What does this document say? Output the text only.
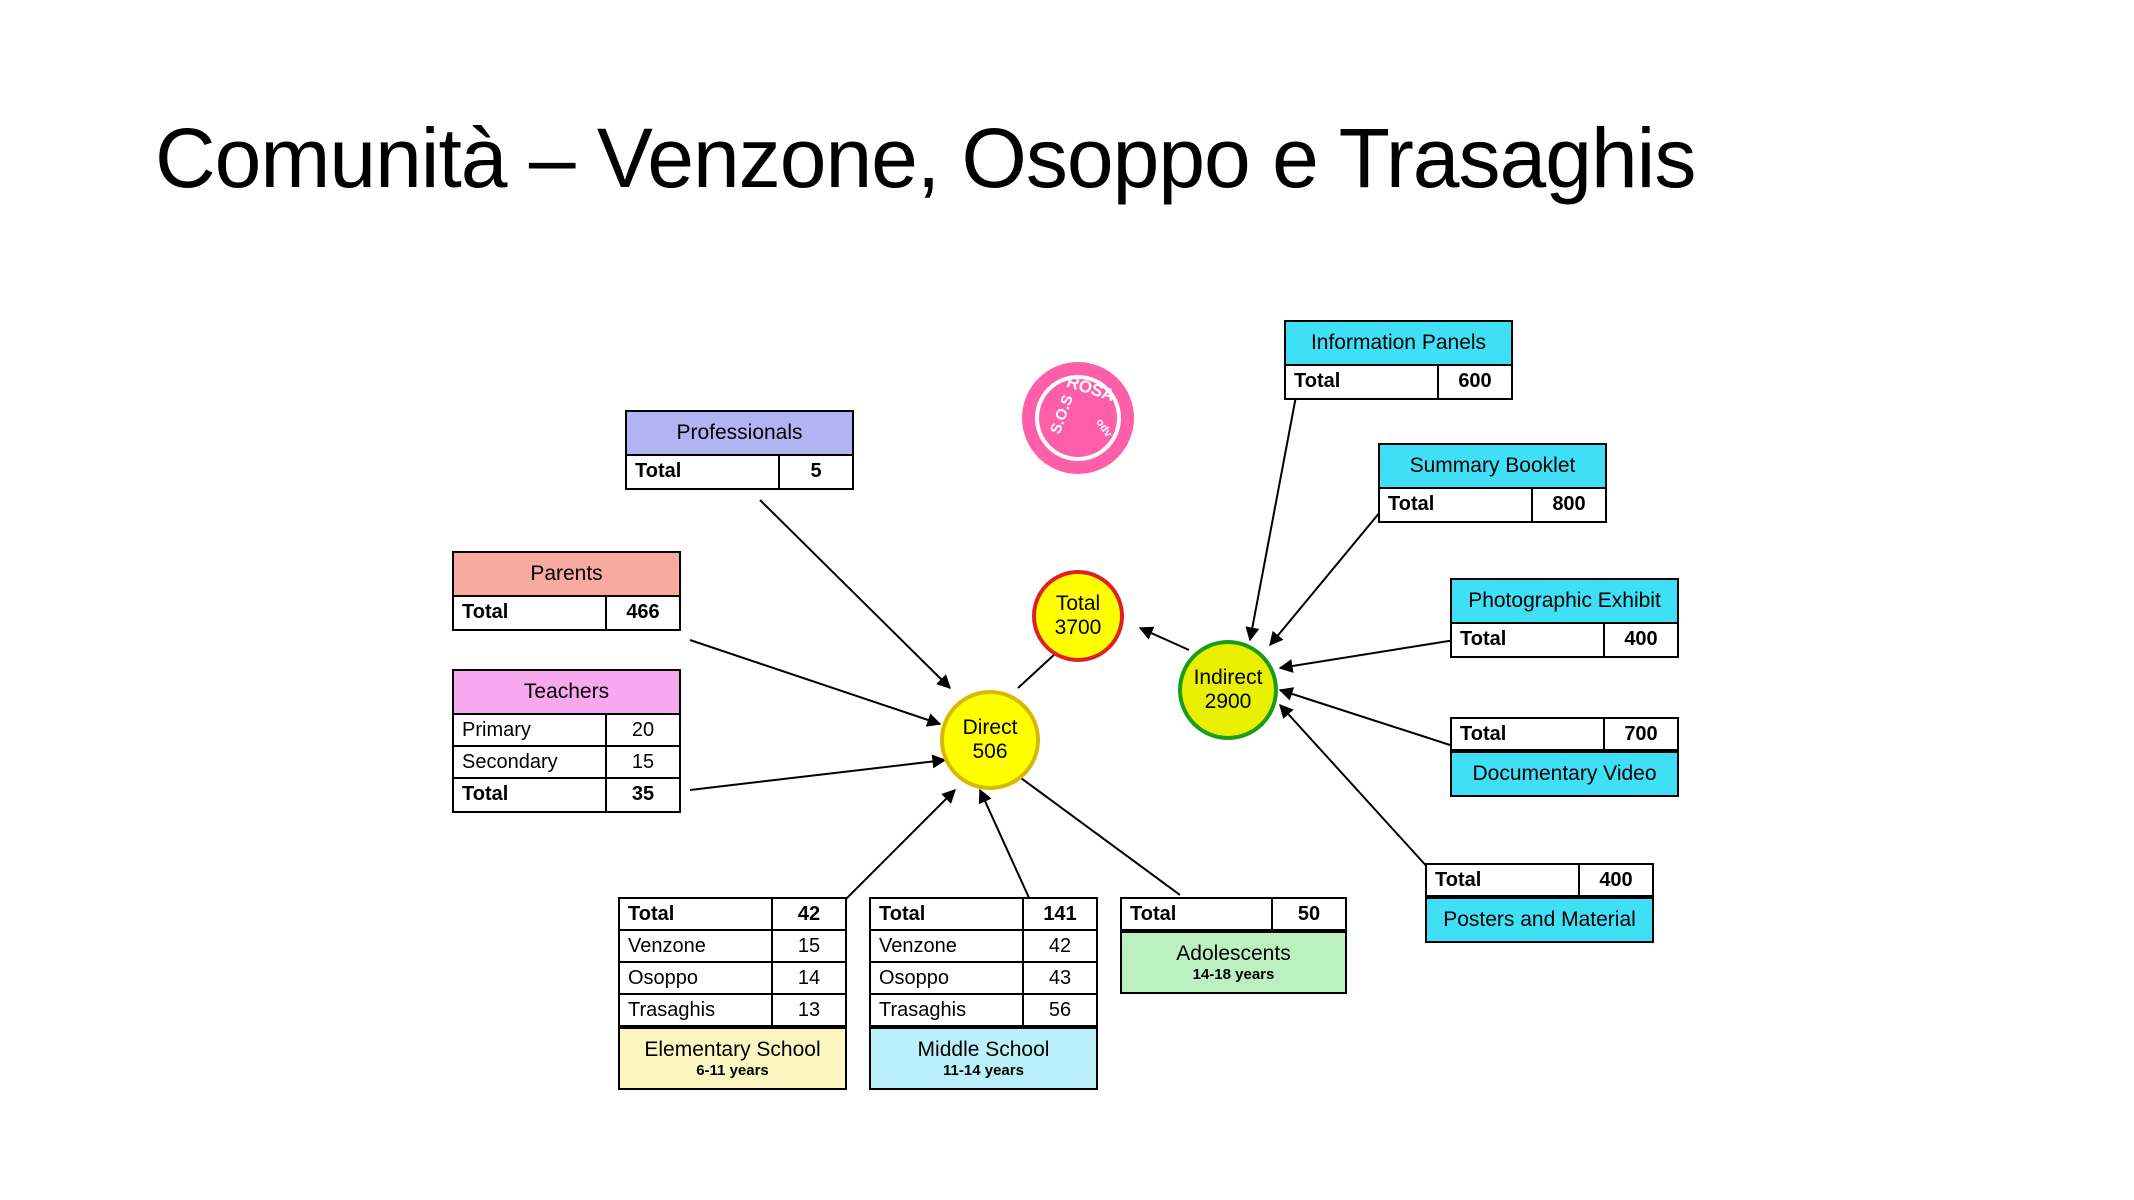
Comunità – Venzone, Osoppo e Trasaghis
ROSA
S.O.S odv
Total
3700
Direct
506
Indirect
2900
Professionals
Total	5
Parents
Total	466
Teachers
Primary	20
Secondary	15
Total	35
Total	42
Venzone	15
Osoppo	14
Trasaghis	13
Elementary School
6-11 years
Total	141
Venzone	42
Osoppo	43
Trasaghis	56
Middle School
11-14 years
Total	50
Adolescents
14-18 years
Information Panels
Total	600
Summary Booklet
Total	800
Photographic Exhibit
Total	400
Total	700
Documentary Video
Total	400
Posters and Material
